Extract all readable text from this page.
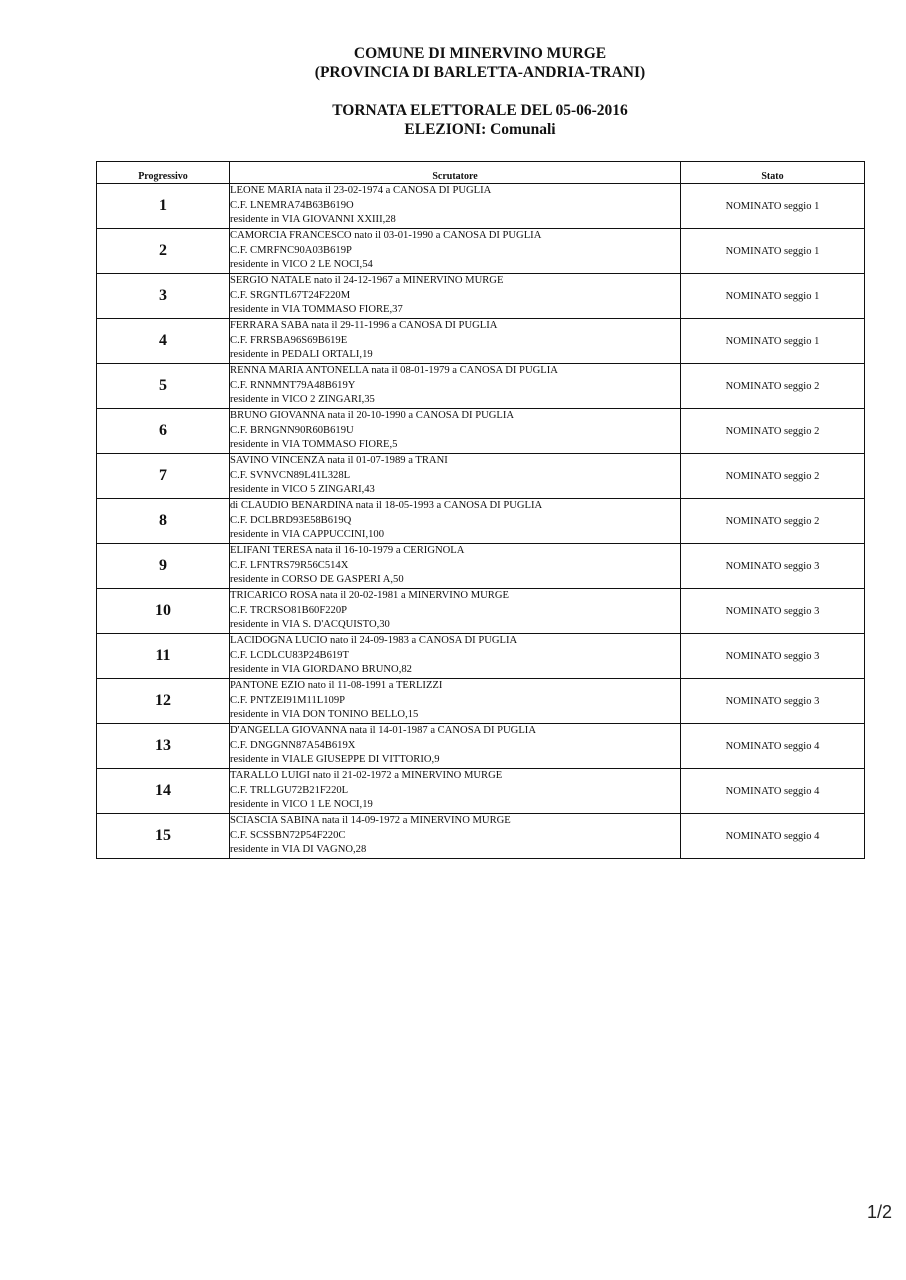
COMUNE DI MINERVINO MURGE
(PROVINCIA DI BARLETTA-ANDRIA-TRANI)
TORNATA ELETTORALE DEL 05-06-2016
ELEZIONI: Comunali
Progressivo	Scrutatore	Stato
1	LEONE MARIA nata il 23-02-1974 a CANOSA DI PUGLIA
C.F. LNEMRA74B63B619O
residente in VIA GIOVANNI XXIII,28	NOMINATO seggio 1
2	CAMORCIA FRANCESCO nato il 03-01-1990 a CANOSA DI PUGLIA
C.F. CMRFNC90A03B619P
residente in VICO 2 LE NOCI,54	NOMINATO seggio 1
3	SERGIO NATALE nato il 24-12-1967 a MINERVINO MURGE
C.F. SRGNTL67T24F220M
residente in VIA TOMMASO FIORE,37	NOMINATO seggio 1
4	FERRARA SABA nata il 29-11-1996 a CANOSA DI PUGLIA
C.F. FRRSBA96S69B619E
residente in PEDALI ORTALI,19	NOMINATO seggio 1
5	RENNA MARIA ANTONELLA nata il 08-01-1979 a CANOSA DI PUGLIA
C.F. RNNMNT79A48B619Y
residente in VICO 2 ZINGARI,35	NOMINATO seggio 2
6	BRUNO GIOVANNA nata il 20-10-1990 a CANOSA DI PUGLIA
C.F. BRNGNN90R60B619U
residente in VIA TOMMASO FIORE,5	NOMINATO seggio 2
7	SAVINO VINCENZA nata il 01-07-1989 a TRANI
C.F. SVNVCN89L41L328L
residente in VICO 5 ZINGARI,43	NOMINATO seggio 2
8	di CLAUDIO BENARDINA nata il 18-05-1993 a CANOSA DI PUGLIA
C.F. DCLBRD93E58B619Q
residente in VIA CAPPUCCINI,100	NOMINATO seggio 2
9	ELIFANI TERESA nata il 16-10-1979 a CERIGNOLA
C.F. LFNTRS79R56C514X
residente in CORSO DE GASPERI A,50	NOMINATO seggio 3
10	TRICARICO ROSA nata il 20-02-1981 a MINERVINO MURGE
C.F. TRCRSO81B60F220P
residente in VIA S. D'ACQUISTO,30	NOMINATO seggio 3
11	LACIDOGNA LUCIO nato il 24-09-1983 a CANOSA DI PUGLIA
C.F. LCDLCU83P24B619T
residente in VIA GIORDANO BRUNO,82	NOMINATO seggio 3
12	PANTONE EZIO nato il 11-08-1991 a TERLIZZI
C.F. PNTZEI91M11L109P
residente in VIA DON TONINO BELLO,15	NOMINATO seggio 3
13	D'ANGELLA GIOVANNA nata il 14-01-1987 a CANOSA DI PUGLIA
C.F. DNGGNN87A54B619X
residente in VIALE GIUSEPPE DI VITTORIO,9	NOMINATO seggio 4
14	TARALLO LUIGI nato il 21-02-1972 a MINERVINO MURGE
C.F. TRLLGU72B21F220L
residente in VICO 1 LE NOCI,19	NOMINATO seggio 4
15	SCIASCIA SABINA nata il 14-09-1972 a MINERVINO MURGE
C.F. SCSSBN72P54F220C
residente in VIA DI VAGNO,28	NOMINATO seggio 4
1/2
